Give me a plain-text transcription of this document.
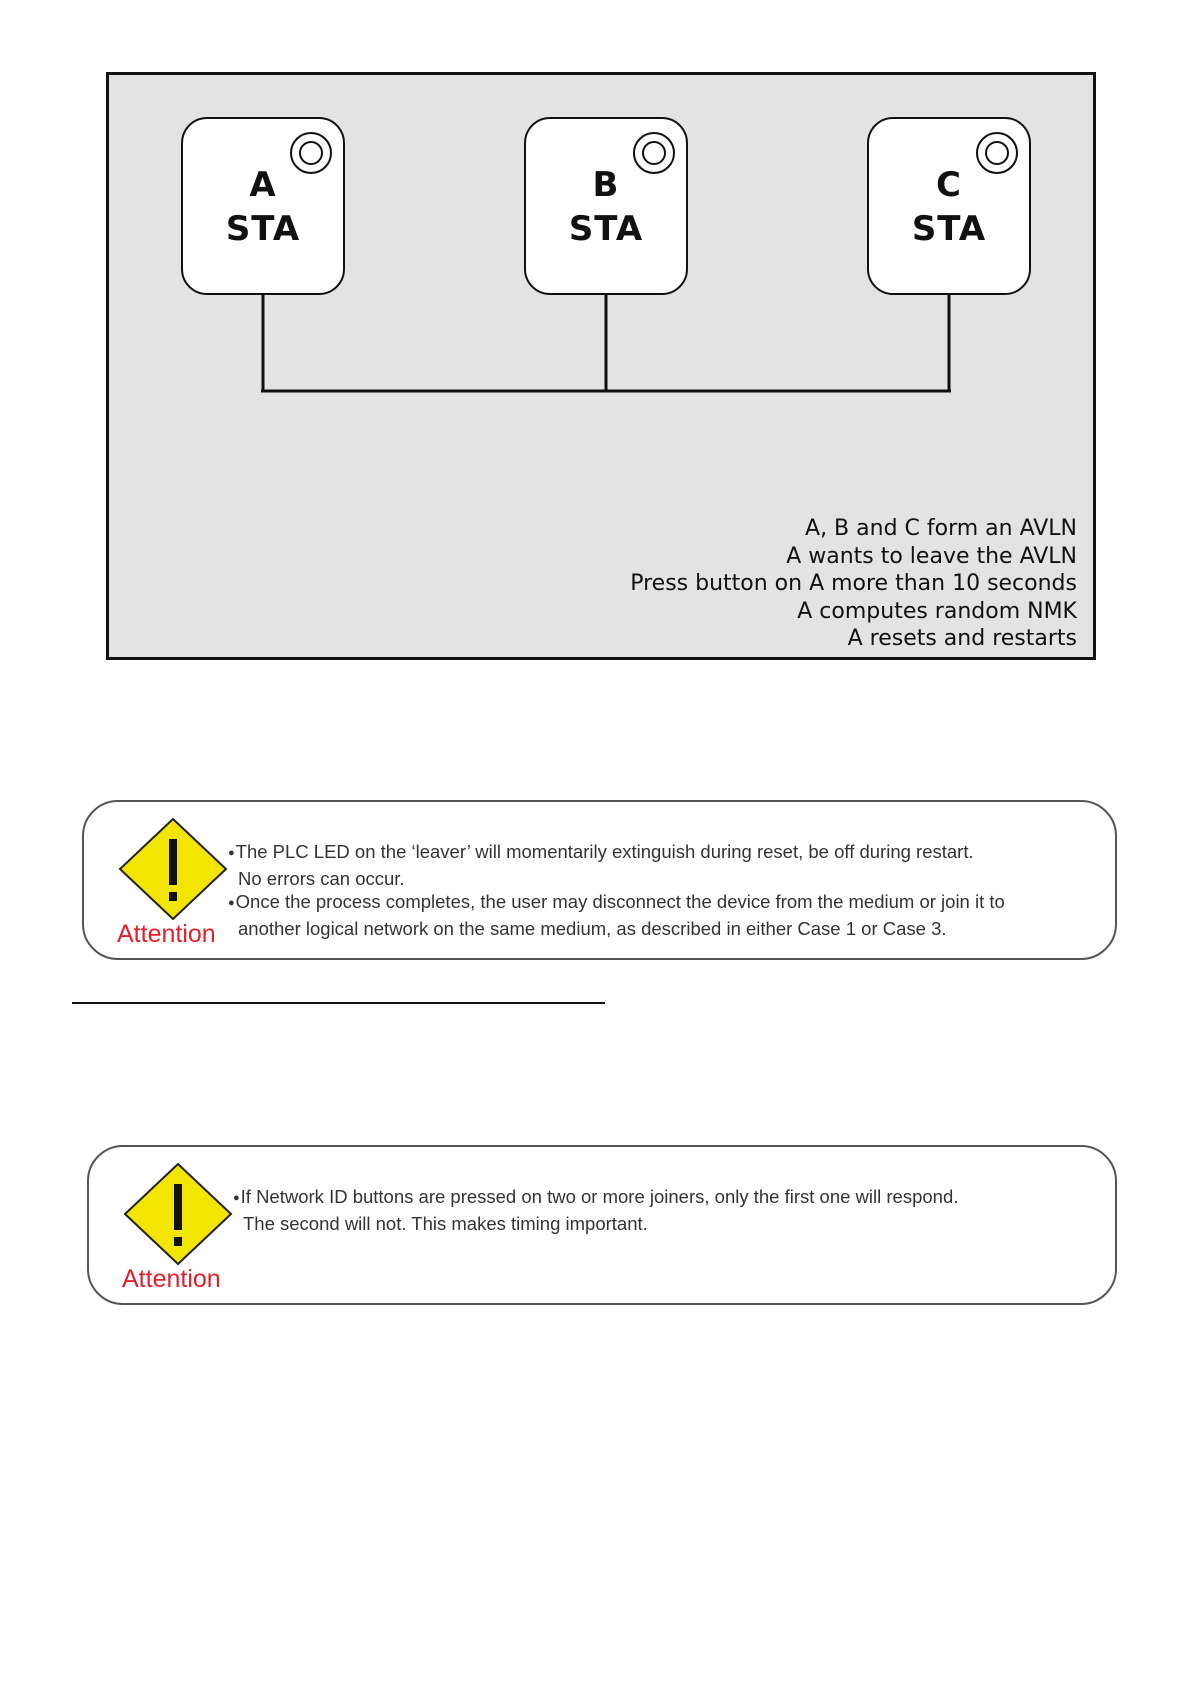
A
STA
B
STA
C
STA
A, B and C form an AVLN
A wants to leave the AVLN
Press button on A more than 10 seconds
A computes random NMK
A resets and restarts
Attention
● The PLC LED on the ‘leaver’ will momentarily extinguish during reset, be off during restart.
No errors can occur.
● Once the process completes, the user may disconnect the device from the medium or join it to
another logical network on the same medium, as described in either Case 1 or Case 3.
Attention
● If Network ID buttons are pressed on two or more joiners, only the first one will respond.
The second will not. This makes timing important.
